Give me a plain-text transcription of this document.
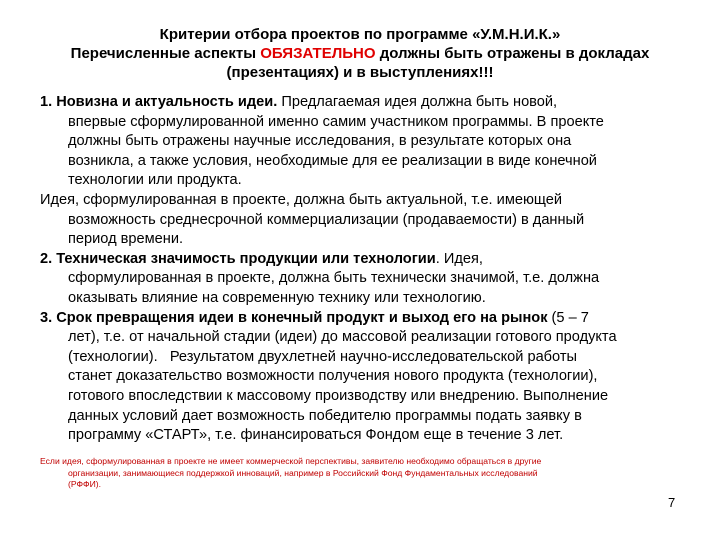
Критерии отбора проектов по программе «У.М.Н.И.К.»
Перечисленные аспекты ОБЯЗАТЕЛЬНО должны быть отражены в докладах
(презентациях) и в выступлениях!!!
1. Новизна и актуальность идеи. Предлагаемая идея должна быть новой,
впервые сформулированной именно самим участником программы. В проекте
должны быть отражены научные исследования, в результате которых она
возникла, а также условия, необходимые для ее реализации в виде конечной
технологии или продукта.
Идея, сформулированная в проекте, должна быть актуальной, т.е. имеющей
возможность среднесрочной коммерциализации (продаваемости) в данный
период времени.
2. Техническая значимость продукции или технологии. Идея,
сформулированная в проекте, должна быть технически значимой, т.е. должна
оказывать влияние на современную технику или технологию.
3. Срок превращения идеи в конечный продукт и выход его на рынок (5 – 7
лет), т.е. от начальной стадии (идеи) до массовой реализации готового продукта
(технологии).   Результатом двухлетней научно-исследовательской работы
станет доказательство возможности получения нового продукта (технологии),
готового впоследствии к массовому производству или внедрению. Выполнение
данных условий дает возможность победителю программы подать заявку в
программу «СТАРТ», т.е. финансироваться Фондом еще в течение 3 лет.
Если идея, сформулированная в проекте не имеет коммерческой перспективы, заявителю необходимо обращаться в другие
организации, занимающиеся поддержкой инноваций, например в Российский Фонд Фундаментальных исследований
(РФФИ).
7
